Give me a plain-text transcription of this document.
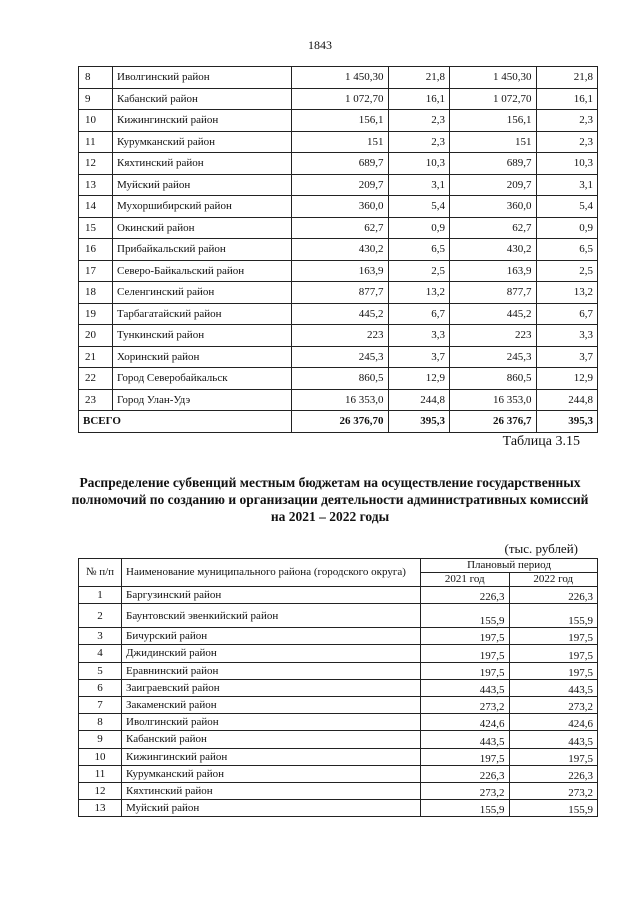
1843
8	Иволгинский район	1 450,30	21,8	1 450,30	21,8
9	Кабанский район	1 072,70	16,1	1 072,70	16,1
10	Кижингинский район	156,1	2,3	156,1	2,3
11	Курумканский район	151	2,3	151	2,3
12	Кяхтинский район	689,7	10,3	689,7	10,3
13	Муйский район	209,7	3,1	209,7	3,1
14	Мухоршибирский район	360,0	5,4	360,0	5,4
15	Окинский район	62,7	0,9	62,7	0,9
16	Прибайкальский район	430,2	6,5	430,2	6,5
17	Северо-Байкальский район	163,9	2,5	163,9	2,5
18	Селенгинский район	877,7	13,2	877,7	13,2
19	Тарбагатайский район	445,2	6,7	445,2	6,7
20	Тункинский район	223	3,3	223	3,3
21	Хоринский район	245,3	3,7	245,3	3,7
22	Город Северобайкальск	860,5	12,9	860,5	12,9
23	Город Улан-Удэ	16 353,0	244,8	16 353,0	244,8
ВСЕГО		26 376,70	395,3	26 376,7	395,3
Таблица 3.15
Распределение субвенций местным бюджетам на осуществление государственных полномочий по созданию и организации деятельности административных комиссий на 2021 – 2022 годы
(тыс. рублей)
№ п/п	Наименование муниципального района (городского округа)	Плановый период	
		2021 год	2022 год
1	Баргузинский район	226,3	226,3
2	Баунтовский эвенкийский район	155,9	155,9
3	Бичурский район	197,5	197,5
4	Джидинский район	197,5	197,5
5	Еравнинский район	197,5	197,5
6	Заиграевский район	443,5	443,5
7	Закаменский район	273,2	273,2
8	Иволгинский район	424,6	424,6
9	Кабанский район	443,5	443,5
10	Кижингинский район	197,5	197,5
11	Курумканский район	226,3	226,3
12	Кяхтинский район	273,2	273,2
13	Муйский район	155,9	155,9
